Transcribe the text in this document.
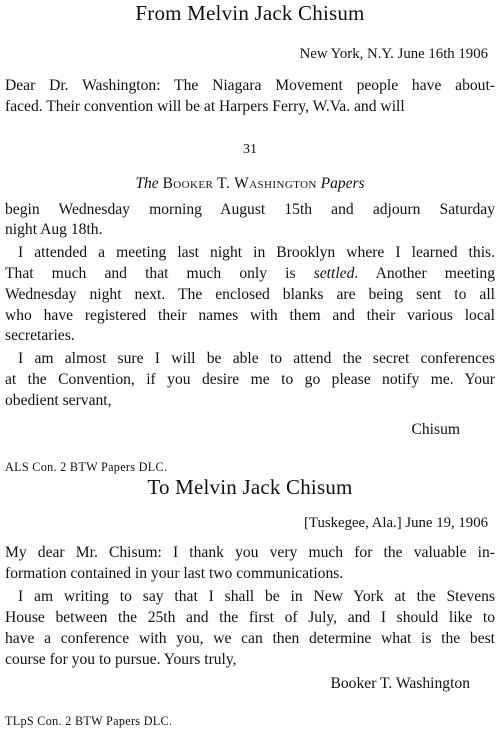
From Melvin Jack Chisum
New York, N.Y. June 16th 1906
Dear Dr. Washington: The Niagara Movement people have about-
faced. Their convention will be at Harpers Ferry, W.Va. and will
31
The Booker T. Washington Papers
begin Wednesday morning August 15th and adjourn Saturday
night Aug 18th.
I attended a meeting last night in Brooklyn where I learned this.
That much and that much only is settled. Another meeting
Wednesday night next. The enclosed blanks are being sent to all
who have registered their names with them and their various local
secretaries.
I am almost sure I will be able to attend the secret conferences
at the Convention, if you desire me to go please notify me. Your
obedient servant,
Chisum
ALS Con. 2 BTW Papers DLC.
To Melvin Jack Chisum
[Tuskegee, Ala.] June 19, 1906
My dear Mr. Chisum: I thank you very much for the valuable in-
formation contained in your last two communications.
I am writing to say that I shall be in New York at the Stevens
House between the 25th and the first of July, and I should like to
have a conference with you, we can then determine what is the best
course for you to pursue. Yours truly,
Booker T. Washington
TLpS Con. 2 BTW Papers DLC.
